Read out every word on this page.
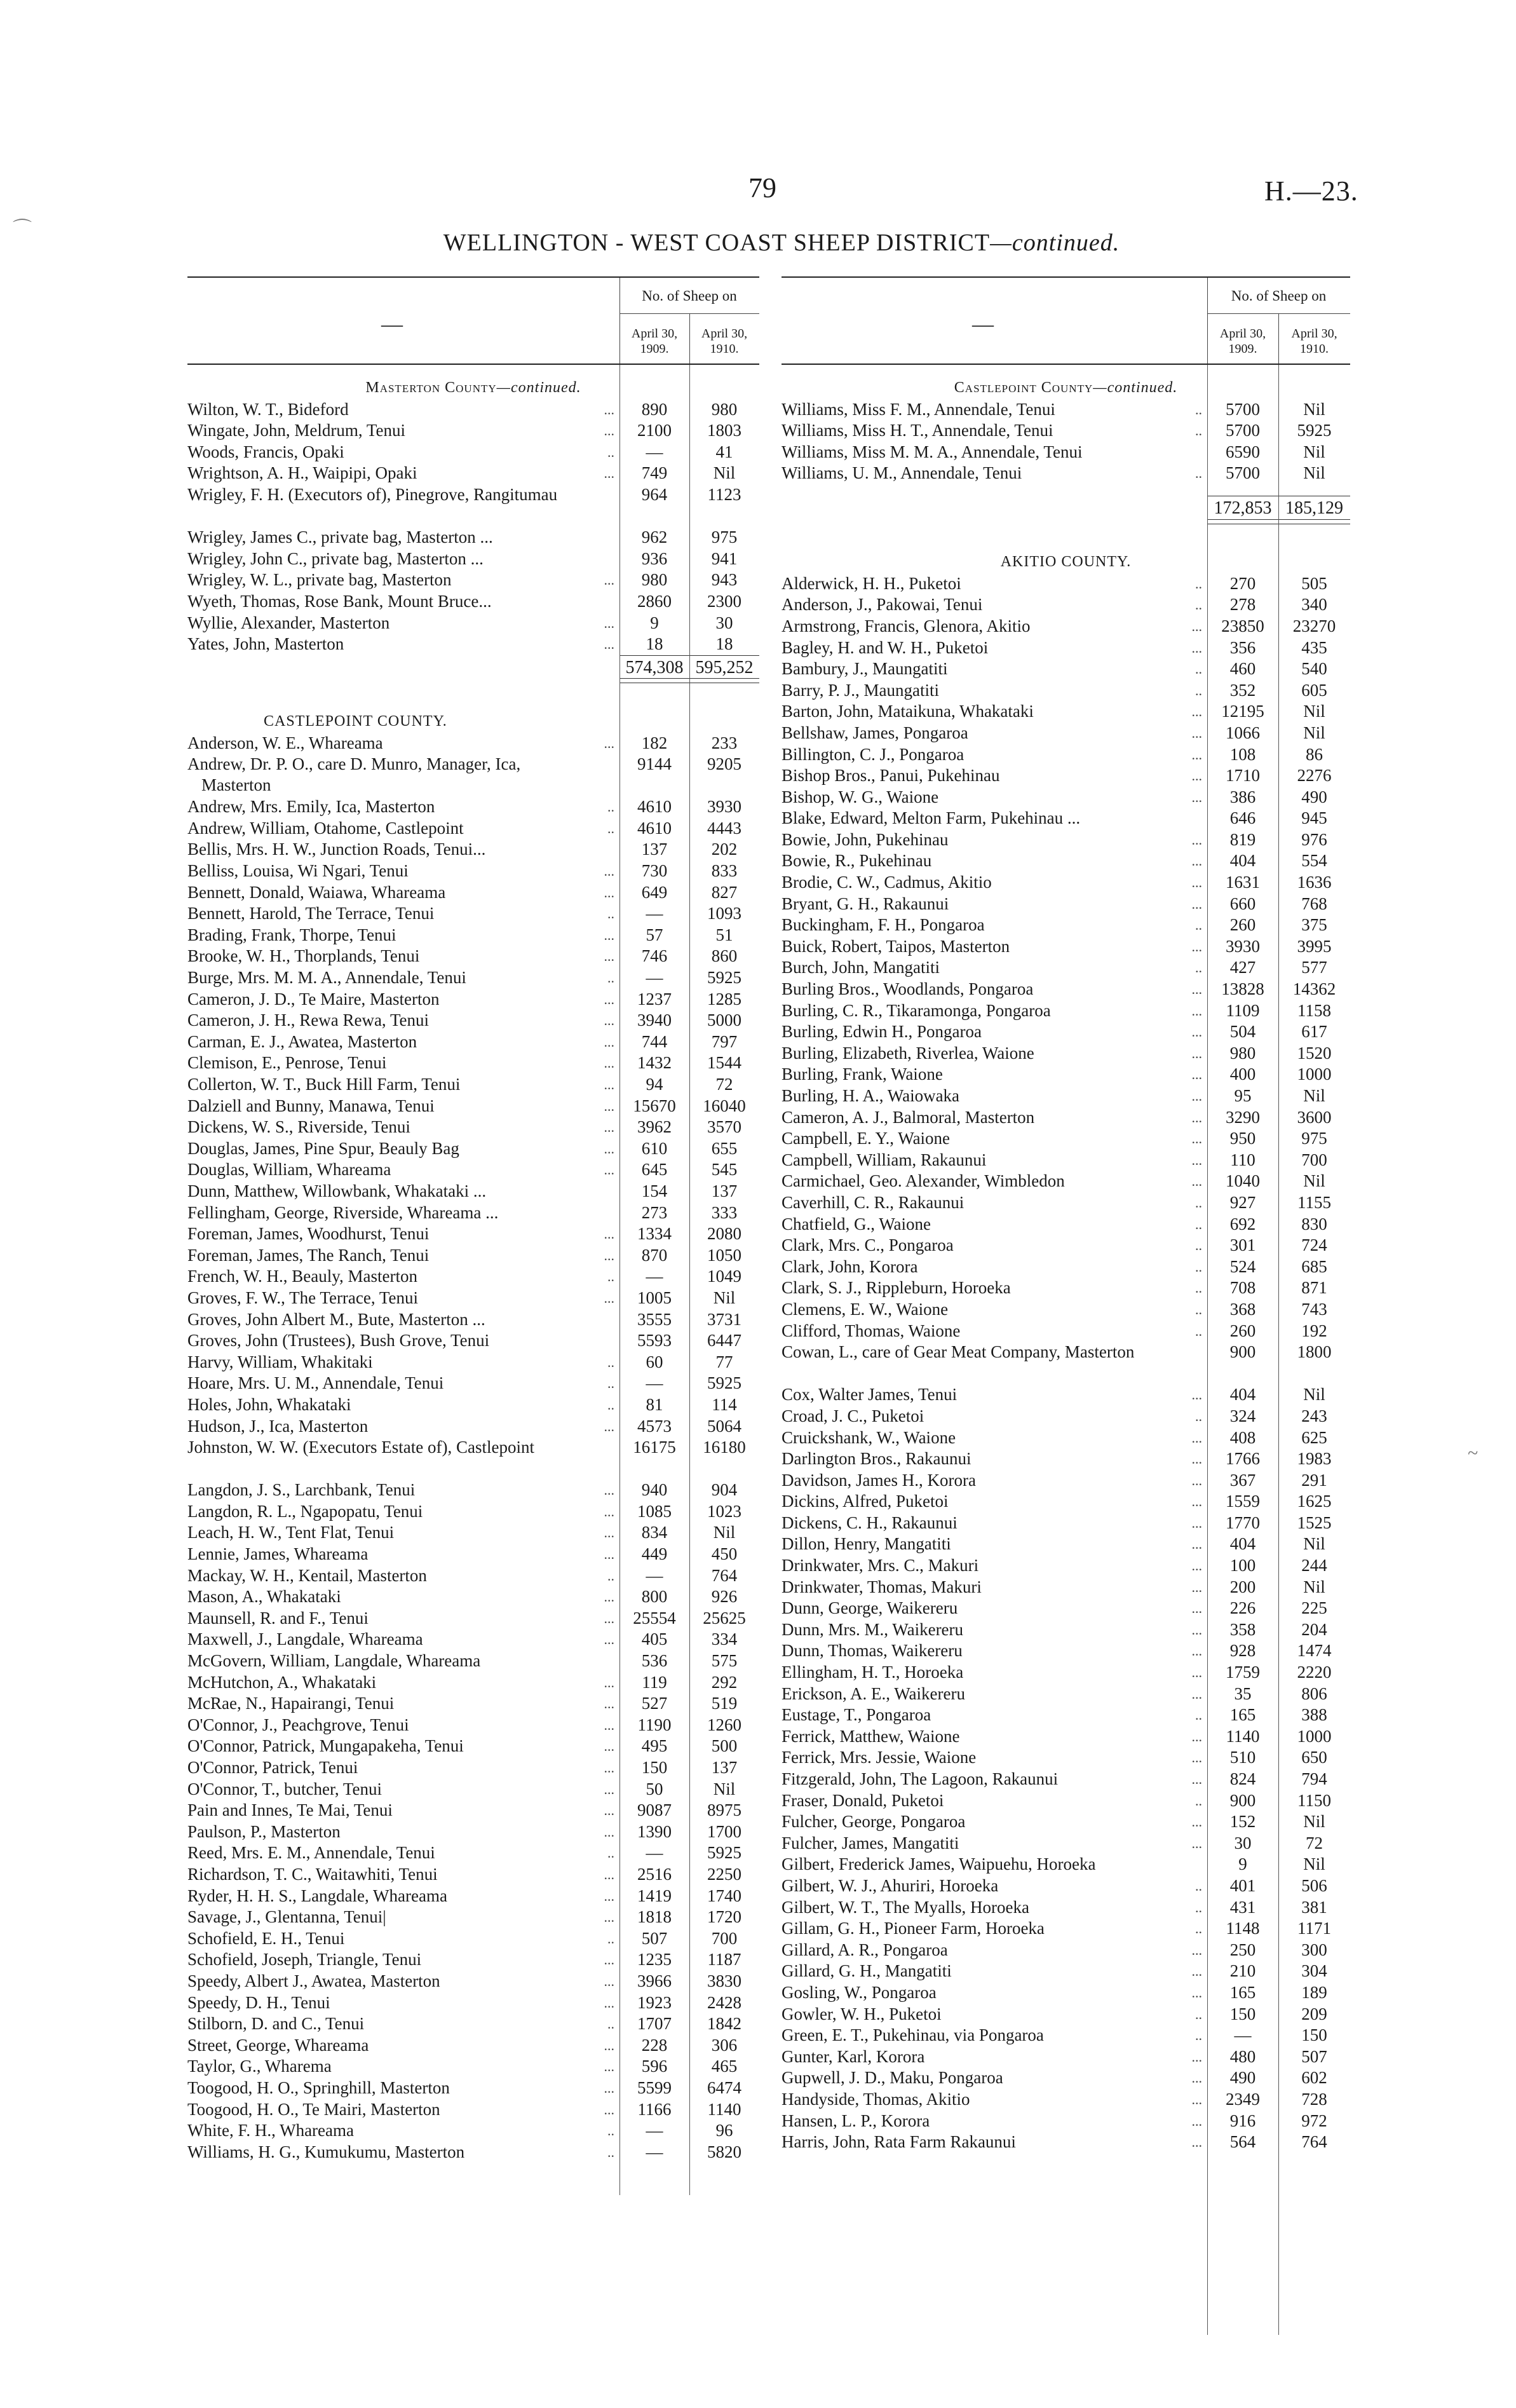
79	H.—23.
WELLINGTON - WEST COAST SHEEP DISTRICT—continued.
—
No. of Sheep on
April 30,
1909.
April 30,
1910.
Masterton County—continued.
Wilton, W. T., Bideford	...	890	980
Wingate, John, Meldrum, Tenui	...	2100	1803
Woods, Francis, Opaki	..	—	41
Wrightson, A. H., Waipipi, Opaki	...	749	Nil
Wrigley, F. H. (Executors of), Pinegrove, Rangitumau	964	1123
Wrigley, James C., private bag, Masterton ...	962	975
Wrigley, John C., private bag, Masterton ...	936	941
Wrigley, W. L., private bag, Masterton	...	980	943
Wyeth, Thomas, Rose Bank, Mount Bruce...	2860	2300
Wyllie, Alexander, Masterton	...	9	30
Yates, John, Masterton	...	18	18
574,308 595,252
CASTLEPOINT COUNTY.
Anderson, W. E., Whareama	...	182	233
Andrew, Dr. P. O., care D. Munro, Manager, Ica, Masterton
9144	9205
Andrew, Mrs. Emily, Ica, Masterton	..	4610	3930
Andrew, William, Otahome, Castlepoint	..	4610	4443
Bellis, Mrs. H. W., Junction Roads, Tenui...	137	202
Belliss, Louisa, Wi Ngari, Tenui	...	730	833
Bennett, Donald, Waiawa, Whareama	...	649	827
Bennett, Harold, The Terrace, Tenui	..	—	1093
Brading, Frank, Thorpe, Tenui	...	57	51
Brooke, W. H., Thorplands, Tenui	...	746	860
Burge, Mrs. M. M. A., Annendale, Tenui	..	—	5925
Cameron, J. D., Te Maire, Masterton	...	1237	1285
Cameron, J. H., Rewa Rewa, Tenui	...	3940	5000
Carman, E. J., Awatea, Masterton	...	744	797
Clemison, E., Penrose, Tenui	...	1432	1544
Collerton, W. T., Buck Hill Farm, Tenui	...	94	72
Dalziell and Bunny, Manawa, Tenui	...	15670	16040
Dickens, W. S., Riverside, Tenui	...	3962	3570
Douglas, James, Pine Spur, Beauly Bag	...	610	655
Douglas, William, Whareama	...	645	545
Dunn, Matthew, Willowbank, Whakataki ...	154	137
Fellingham, George, Riverside, Whareama ...	273	333
Foreman, James, Woodhurst, Tenui	...	1334	2080
Foreman, James, The Ranch, Tenui	...	870	1050
French, W. H., Beauly, Masterton	..	—	1049
Groves, F. W., The Terrace, Tenui	...	1005	Nil
Groves, John Albert M., Bute, Masterton ...	3555	3731
Groves, John (Trustees), Bush Grove, Tenui	5593	6447
Harvy, William, Whakitaki	..	60	77
Hoare, Mrs. U. M., Annendale, Tenui	..	—	5925
Holes, John, Whakataki	..	81	114
Hudson, J., Ica, Masterton	...	4573	5064
Johnston, W. W. (Executors Estate of), Castlepoint	16175	16180
Langdon, J. S., Larchbank, Tenui	...	940	904
Langdon, R. L., Ngapopatu, Tenui	...	1085	1023
Leach, H. W., Tent Flat, Tenui	...	834	Nil
Lennie, James, Whareama	...	449	450
Mackay, W. H., Kentail, Masterton	..	—	764
Mason, A., Whakataki	...	800	926
Maunsell, R. and F., Tenui	...	25554	25625
Maxwell, J., Langdale, Whareama	...	405	334
McGovern, William, Langdale, Whareama	536	575
McHutchon, A., Whakataki	...	119	292
McRae, N., Hapairangi, Tenui	...	527	519
O'Connor, J., Peachgrove, Tenui	...	1190	1260
O'Connor, Patrick, Mungapakeha, Tenui	...	495	500
O'Connor, Patrick, Tenui	...	150	137
O'Connor, T., butcher, Tenui	...	50	Nil
Pain and Innes, Te Mai, Tenui	...	9087	8975
Paulson, P., Masterton	...	1390	1700
Reed, Mrs. E. M., Annendale, Tenui	..	—	5925
Richardson, T. C., Waitawhiti, Tenui	...	2516	2250
Ryder, H. H. S., Langdale, Whareama	...	1419	1740
Savage, J., Glentanna, Tenui|	...	1818	1720
Schofield, E. H., Tenui	..	507	700
Schofield, Joseph, Triangle, Tenui	...	1235	1187
Speedy, Albert J., Awatea, Masterton	...	3966	3830
Speedy, D. H., Tenui	...	1923	2428
Stilborn, D. and C., Tenui	..	1707	1842
Street, George, Whareama	...	228	306
Taylor, G., Wharema	...	596	465
Toogood, H. O., Springhill, Masterton	...	5599	6474
Toogood, H. O., Te Mairi, Masterton	...	1166	1140
White, F. H., Whareama	..	—	96
Williams, H. G., Kumukumu, Masterton	..	—	5820
—
No. of Sheep on
April 30,
1909.
April 30,
1910.
Castlepoint County—continued.
Williams, Miss F. M., Annendale, Tenui	..	5700	Nil
Williams, Miss H. T., Annendale, Tenui	..	5700	5925
Williams, Miss M. M. A., Annendale, Tenui	6590	Nil
Williams, U. M., Annendale, Tenui	..	5700	Nil
172,853 185,129
AKITIO COUNTY.
Alderwick, H. H., Puketoi	..	270	505
Anderson, J., Pakowai, Tenui	..	278	340
Armstrong, Francis, Glenora, Akitio	...	23850	23270
Bagley, H. and W. H., Puketoi	...	356	435
Bambury, J., Maungatiti	..	460	540
Barry, P. J., Maungatiti	..	352	605
Barton, John, Mataikuna, Whakataki	...	12195	Nil
Bellshaw, James, Pongaroa	...	1066	Nil
Billington, C. J., Pongaroa	...	108	86
Bishop Bros., Panui, Pukehinau	...	1710	2276
Bishop, W. G., Waione	...	386	490
Blake, Edward, Melton Farm, Pukehinau ...	646	945
Bowie, John, Pukehinau	...	819	976
Bowie, R., Pukehinau	...	404	554
Brodie, C. W., Cadmus, Akitio	...	1631	1636
Bryant, G. H., Rakaunui	...	660	768
Buckingham, F. H., Pongaroa	..	260	375
Buick, Robert, Taipos, Masterton	...	3930	3995
Burch, John, Mangatiti	..	427	577
Burling Bros., Woodlands, Pongaroa	...	13828	14362
Burling, C. R., Tikaramonga, Pongaroa	...	1109	1158
Burling, Edwin H., Pongaroa	...	504	617
Burling, Elizabeth, Riverlea, Waione	...	980	1520
Burling, Frank, Waione	...	400	1000
Burling, H. A., Waiowaka	...	95	Nil
Cameron, A. J., Balmoral, Masterton	...	3290	3600
Campbell, E. Y., Waione	...	950	975
Campbell, William, Rakaunui	...	110	700
Carmichael, Geo. Alexander, Wimbledon	...	1040	Nil
Caverhill, C. R., Rakaunui	..	927	1155
Chatfield, G., Waione	..	692	830
Clark, Mrs. C., Pongaroa	..	301	724
Clark, John, Korora	..	524	685
Clark, S. J., Rippleburn, Horoeka	..	708	871
Clemens, E. W., Waione	..	368	743
Clifford, Thomas, Waione	..	260	192
Cowan, L., care of Gear Meat Company, Masterton	900	1800
Cox, Walter James, Tenui	...	404	Nil
Croad, J. C., Puketoi	..	324	243
Cruickshank, W., Waione	...	408	625
Darlington Bros., Rakaunui	...	1766	1983
Davidson, James H., Korora	...	367	291
Dickins, Alfred, Puketoi	...	1559	1625
Dickens, C. H., Rakaunui	...	1770	1525
Dillon, Henry, Mangatiti	...	404	Nil
Drinkwater, Mrs. C., Makuri	...	100	244
Drinkwater, Thomas, Makuri	...	200	Nil
Dunn, George, Waikereru	...	226	225
Dunn, Mrs. M., Waikereru	...	358	204
Dunn, Thomas, Waikereru	...	928	1474
Ellingham, H. T., Horoeka	...	1759	2220
Erickson, A. E., Waikereru	...	35	806
Eustage, T., Pongaroa	..	165	388
Ferrick, Matthew, Waione	...	1140	1000
Ferrick, Mrs. Jessie, Waione	...	510	650
Fitzgerald, John, The Lagoon, Rakaunui	...	824	794
Fraser, Donald, Puketoi	..	900	1150
Fulcher, George, Pongaroa	...	152	Nil
Fulcher, James, Mangatiti	...	30	72
Gilbert, Frederick James, Waipuehu, Horoeka	9	Nil
Gilbert, W. J., Ahuriri, Horoeka	..	401	506
Gilbert, W. T., The Myalls, Horoeka	..	431	381
Gillam, G. H., Pioneer Farm, Horoeka	..	1148	1171
Gillard, A. R., Pongaroa	...	250	300
Gillard, G. H., Mangatiti	...	210	304
Gosling, W., Pongaroa	...	165	189
Gowler, W. H., Puketoi	..	150	209
Green, E. T., Pukehinau, via Pongaroa	..	—	150
Gunter, Karl, Korora	...	480	507
Gupwell, J. D., Maku, Pongaroa	...	490	602
Handyside, Thomas, Akitio	...	2349	728
Hansen, L. P., Korora	...	916	972
Harris, John, Rata Farm Rakaunui	...	564	764
⌒
~
